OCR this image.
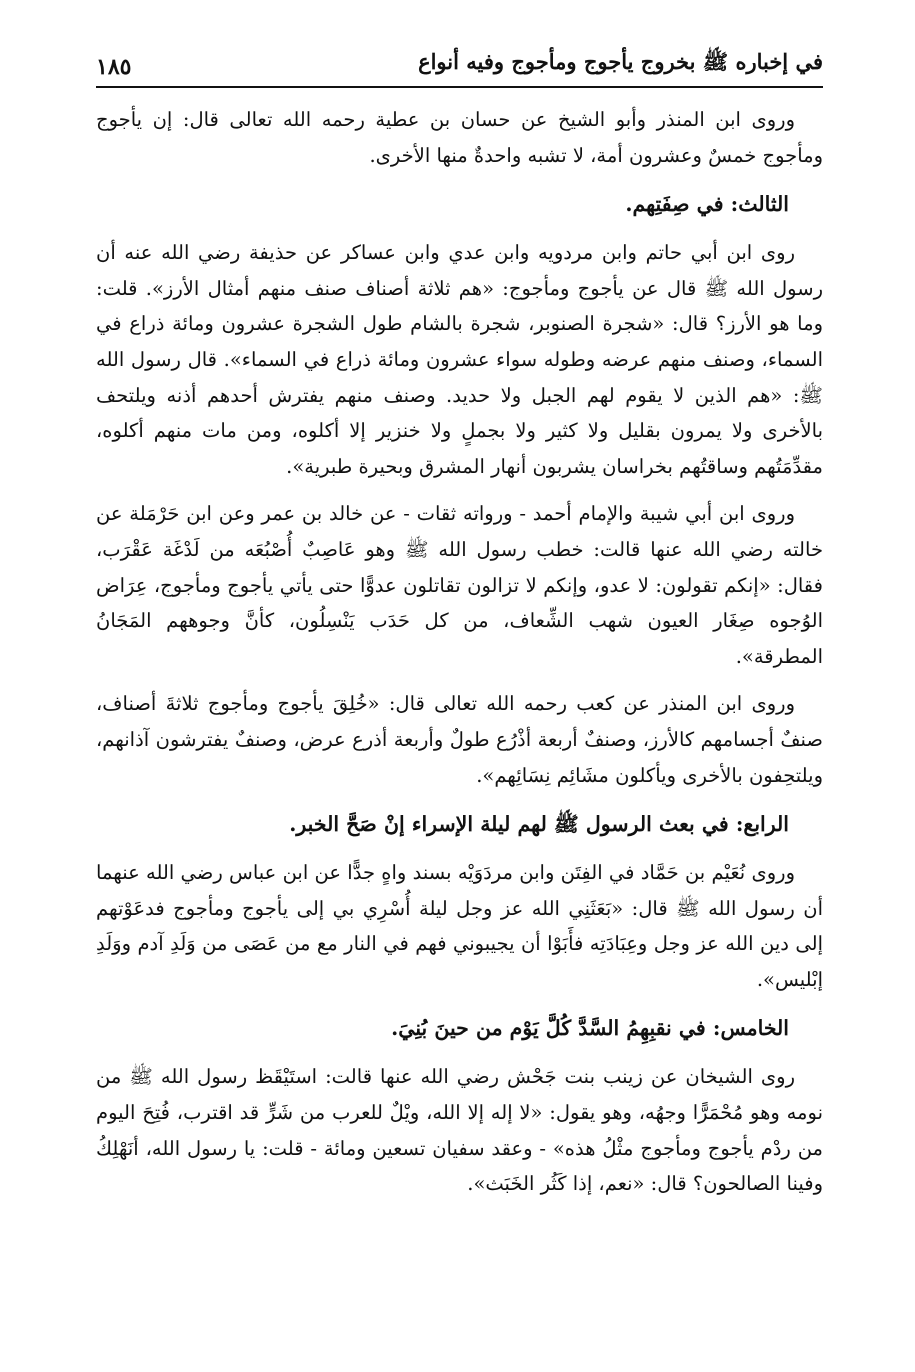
في إخباره ﷺ بخروج يأجوج ومأجوج وفيه أنواع
١٨٥

وروى ابن المنذر وأبو الشيخ عن حسان بن عطية رحمه الله تعالى قال: إن يأجوج ومأجوج خمسٌ وعشرون أمة، لا تشبه واحدةٌ منها الأخرى.

الثالث: في صِفَتِهم.

روى ابن أبي حاتم وابن مردويه وابن عدي وابن عساكر عن حذيفة رضي الله عنه أن رسول الله ﷺ قال عن يأجوج ومأجوج: «هم ثلاثة أصناف صنف منهم أمثال الأرز». قلت: وما هو الأرز؟ قال: «شجرة الصنوبر، شجرة بالشام طول الشجرة عشرون ومائة ذراع في السماء، وصنف منهم عرضه وطوله سواء عشرون ومائة ذراع في السماء». قال رسول الله ﷺ: «هم الذين لا يقوم لهم الجبل ولا حديد. وصنف منهم يفترش أحدهم أذنه ويلتحف بالأخرى ولا يمرون بقليل ولا كثير ولا بجملٍ ولا خنزير إلا أكلوه، ومن مات منهم أكلوه، مقدِّمَتُهم وساقتُهم بخراسان يشربون أنهار المشرق وبحيرة طبرية».

وروى ابن أبي شيبة والإمام أحمد - ورواته ثقات - عن خالد بن عمر وعن ابن حَرْمَلة عن خالته رضي الله عنها قالت: خطب رسول الله ﷺ وهو عَاصِبٌ أُصْبُعَه من لَدْغَة عَقْرَب، فقال: «إنكم تقولون: لا عدو، وإنكم لا تزالون تقاتلون عدوًّا حتى يأتي يأجوج ومأجوج، عِرَاض الوُجوه صِغَار العيون شهب الشِّعاف، من كل حَدَب يَنْسِلُون، كأنَّ وجوههم المَجَانُ المطرقة».

وروى ابن المنذر عن كعب رحمه الله تعالى قال: «خُلِقَ يأجوج ومأجوج ثلاثةَ أصناف، صنفٌ أجسامهم كالأرز، وصنفٌ أربعة أذْرُع طولٌ وأربعة أذرع عرض، وصنفٌ يفترشون آذانهم، ويلتحِفون بالأخرى ويأكلون مشَائِم نِسَائِهم».

الرابع: في بعث الرسول ﷺ لهم ليلة الإسراء إنْ صَحَّ الخبر.

وروى نُعَيْم بن حَمَّاد في الفِتَن وابن مردَوَيْه بسند واهٍ جدًّا عن ابن عباس رضي الله عنهما أن رسول الله ﷺ قال: «بَعَثَنِي الله عز وجل ليلة أُسْرِي بي إلى يأجوج ومأجوج فدعَوْتهم إلى دين الله عز وجل وعِبَادَتِه فأَبَوْا أن يجيبوني فهم في النار مع من عَصَى من وَلَدِ آدم ووَلَدِ إبْليس».

الخامس: في نقبِهِمُ السَّدَّ كُلَّ يَوْم من حينَ بُنِيَ.

روى الشيخان عن زينب بنت جَحْش رضي الله عنها قالت: استَيْقَظ رسول الله ﷺ من نومه وهو مُحْمَرًّا وجهُه، وهو يقول: «لا إله إلا الله، ويْلٌ للعرب من شَرٍّ قد اقترب، فُتِحَ اليوم من ردْم يأجوج ومأجوج مثْلُ هذه» - وعقد سفيان تسعين ومائة - قلت: يا رسول الله، أنَهْلِكُ وفينا الصالحون؟ قال: «نعم، إذا كَثُر الخَبَث».
